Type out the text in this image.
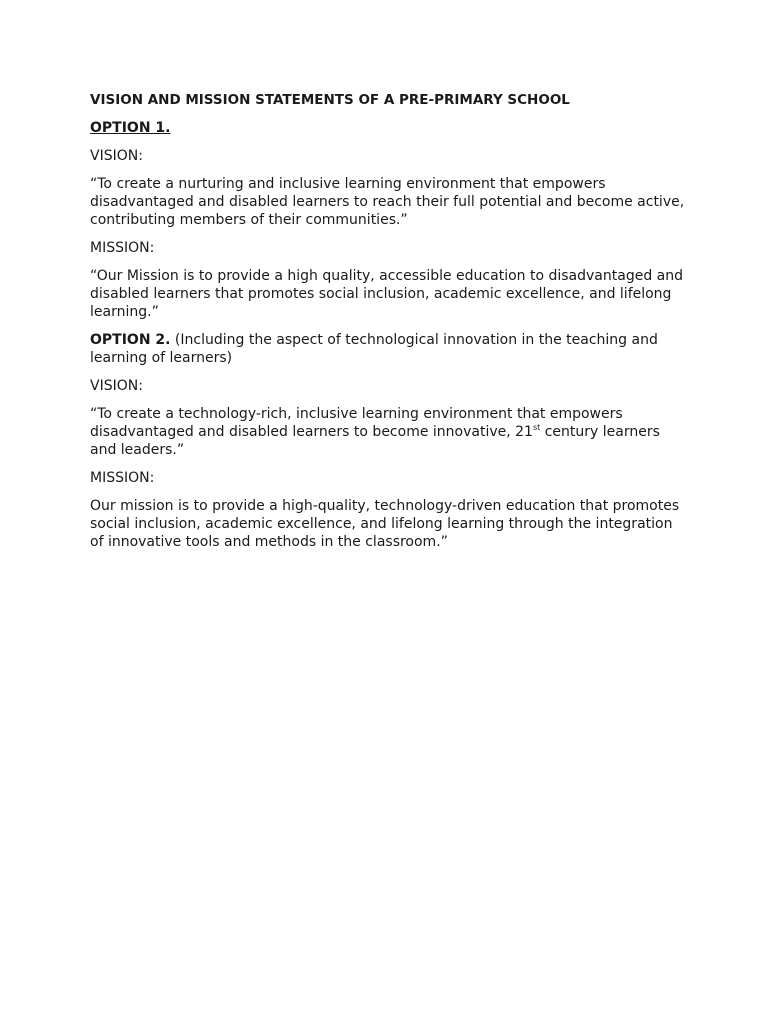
VISION AND MISSION STATEMENTS OF A PRE-PRIMARY SCHOOL

OPTION 1.

VISION:

“To create a nurturing and inclusive learning environment that empowers disadvantaged and disabled learners to reach their full potential and become active, contributing members of their communities.”

MISSION:

“Our Mission is to provide a high quality, accessible education to disadvantaged and disabled learners that promotes social inclusion, academic excellence, and lifelong learning.”

OPTION 2. (Including the aspect of technological innovation in the teaching and learning of learners)

VISION:

“To create a technology-rich, inclusive learning environment that empowers disadvantaged and disabled learners to become innovative, 21st century learners and leaders.”

MISSION:

Our mission is to provide a high-quality, technology-driven education that promotes social inclusion, academic excellence, and lifelong learning through the integration of innovative tools and methods in the classroom.”
